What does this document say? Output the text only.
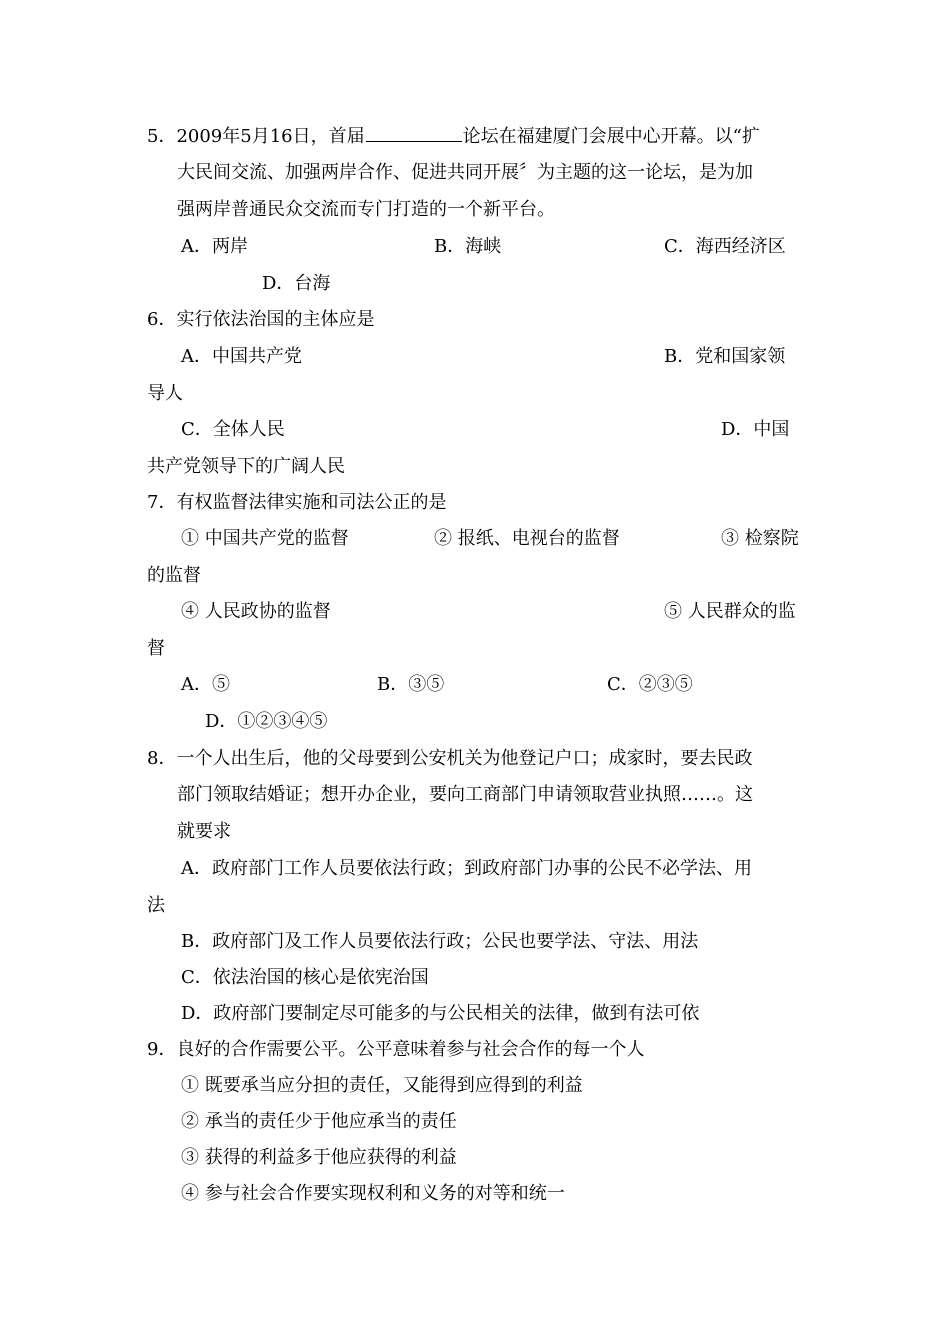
5．2009年5月16日，首届	论坛在福建厦门会展中心开幕。以“扩
大民间交流、加强两岸合作、促进共同开展〞为主题的这一论坛，是为加
强两岸普通民众交流而专门打造的一个新平台。
A．两岸	B．海峡	C．海西经济区
D．台海
6．实行依法治国的主体应是
A．中国共产党	B．党和国家领
导人
C．全体人民	D．中国
共产党领导下的广阔人民
7．有权监督法律实施和司法公正的是
① 中国共产党的监督	② 报纸、电视台的监督	③ 检察院
的监督
④ 人民政协的监督	⑤ 人民群众的监
督
A．⑤	B．③⑤	C．②③⑤
D．①②③④⑤
8．一个人出生后，他的父母要到公安机关为他登记户口；成家时，要去民政
部门领取结婚证；想开办企业，要向工商部门申请领取营业执照……。这
就要求
A．政府部门工作人员要依法行政；到政府部门办事的公民不必学法、用
法
B．政府部门及工作人员要依法行政；公民也要学法、守法、用法
C．依法治国的核心是依宪治国
D．政府部门要制定尽可能多的与公民相关的法律，做到有法可依
9．良好的合作需要公平。公平意味着参与社会合作的每一个人
① 既要承当应分担的责任，又能得到应得到的利益
② 承当的责任少于他应承当的责任
③ 获得的利益多于他应获得的利益
④ 参与社会合作要实现权利和义务的对等和统一
